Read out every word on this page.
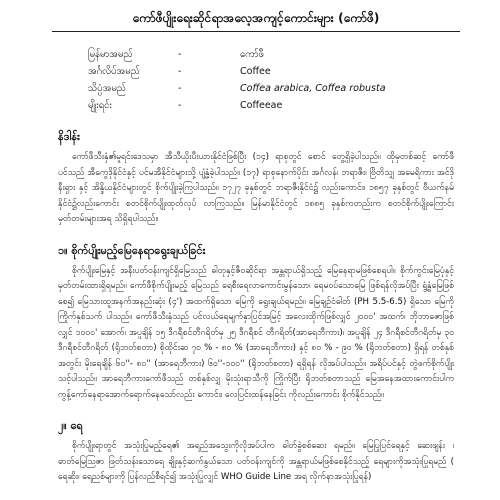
ကော်ဖီပျိုးရေးဆိုင်ရာအလေ့အကျင့်ကောင်းများ (ကော်ဖီ)
မြန်မာအမည်	-	ကော်ဖီ
အင်္ဂလိပ်အမည်	-	Coffee
သိပ္ပံအမည်	-	Coffea arabica, Coffea robusta
မျိုးရင်း	-	Coffeeae
နိဒါန်း

ကော်ဖီသီးနှံ၏မူရင်းဒေသမှာ အီသီယိုးပီးယားနိုင်ငံဖြစ်ပြီး (၁၄) ရာစုတွင် စောင် တွေ့ရှိခဲ့ပါသည်။ ထိုမှတစ်ဆင့် ကော်ဖီပင်သည် အီကွေဒိုနိုင်ငံနှင့် ပင်မအီနိုင်ငံများသို့ ပျံ့နှံ့ခဲ့ပါသည်။ (၁၇) ရာစုနောက်ပိုင်း အင်္ဂလန်၊ ဘရာဇီး၊ ဗြိတိသျှ အမေရိကား အင်ဒိုနီးရှား နှင့် အိန္ဒိယနိုင်ငံများတွင် စိုက်ပျိုးခဲ့ကြပါသည်။ ၁၇၂၇ ခုနှစ်တွင် ဘရာဇီးနိုင်ငံ၌ လည်းကောင်း၊ ၁၈၅၇ ခုနှစ်တွင် ဗီယက်နမ်နိုင်ငံ၌လည်းကောင်း စတင်စိုက်ပျိုးထုတ်လုပ် လာကြသည်။ မြန်မာနိုင်ငံတွင် ၁၈၈၅ ခုနှစ်ကတည်းက စတင်စိုက်ပျိုးကြောင်း မှတ်တမ်းများအရ သိရှိရပါသည်။

၁။ စိုက်ပျိုးမည့်မြေနေရာရွေးချယ်ခြင်း

စိုက်ပျိုးမြေနှင့် အနီးပတ်ဝန်းကျင်ရှိမြေသည် ဓါတုနှင့်ဇီဝဆိုင်ရာ အန္တရာယ်ရှိသည့် မြေနေရာမဖြစ်စေရပါ။ စိုက်ကွင်းမြေပုံနှင့် မှတ်တမ်းထားရှိရမည်။ ကော်ဖီစိုက်ပျိုးမည့် မြေသည် ရေစီးရေလာကောင်းမွန်သော၊ ရေမဝပ်သောမြေ ဖြစ်ရန်လိုအပ်ပြီး ရွံ့နွံမြေဖြစ်စေ၍ မြေသားထူအနက်အနည်းဆုံး (၄') အထက်ရှိသော မြေကို ရွေးချယ်ရမည်။ မြေချဉ်ငံဓါတ် (PH 5.5-6.5) ရှိသော မြေကို ကြိုက်နှစ်သက် ပါသည်။ ကော်ဖီသီးနှံသည် ပင်လယ်ရေမျက်နှာပြင်အမြင့် အလေးထိုက်ဖြစ်လျှင် ၂၀၀၀' အထက်၊ ဘိုဘာဇောဖြစ်လျှင် ၁၀၀၀' အောက်၊ အပူချိန် ၁၅ ဒီဂရီစင်တီဂရိတ်မှ ၂၅ ဒီဂရီစင် တီဂရိတ်(အာရေဘီကား)၊ အပူချိန် ၂၄ ဒီဂရီစင်တီဂရိတ်မှ ၃၀ ဒီဂရီစင်တီဂရိတ် (ရိုဘတ်စတာ) စိုထိုင်းဆ ၇၀ % - ၈၀ % (အာရေဘီကား) နှင့် ၈၀ % - ၉၀ % (ရိုဘတ်စတာ) ရှိရန် တစ်နှစ်အတွင်း မိုးရေချိန် ၆၀''- ၈၀'' (အာရေဘီကား) ၆၀''-၁၀၀'' (ရိုဘတ်စတာ) ရရှိရန် လိုအပ်ပါသည်။ အရိပ်ပင်နှင့် တွဲဖက်စိုက်ပျိုးသင့်ပါသည်။ အာရေဘီကားကော်ဖီသည် တစ်နှစ်လျှ မိုးသုံးရာသီကို ကြိုက်ပြီး ရိုဘတ်စတာသည် မြေအနေအထားကောင်းပါက ကွန့်ကော်နေရာအောက်ရောက်နေသော်လည်း ကောင်း၊ လေပြင်းထန်နေခြင်း ကိုလည်းကောင်း စိုက်နိုင်သည်။

၂။ ရေ

စိုက်ပျိုးရာတွင် အသုံးပြုမည့်ရေ၏ အရည်အသွေးကိုလိုအပ်ပါက ဓါတ်ခွဲစစ်ဆေး ရမည်။ မြေပြုပြင်ရေနှင့် ဆေးဖျန်း ၊ ဓာတ်မြေဩဇာ ဖြတ်သန်းသောရေ ချိုးနှင့်ဆက်နွယ်သော ပတ်ဝန်းကျင်ကို အန္တရာယ်မဖြစ်စေနိုင်သည့် ရေများကိုအသုံးပြုရမည် ( ရေဆိုး၊ ရေညစ်များကို ပြန်လည်စီရင်၍ အသုံးပြုလျှင် WHO Guide Line အရ လိုက်နာအသုံးပြုရန်)
